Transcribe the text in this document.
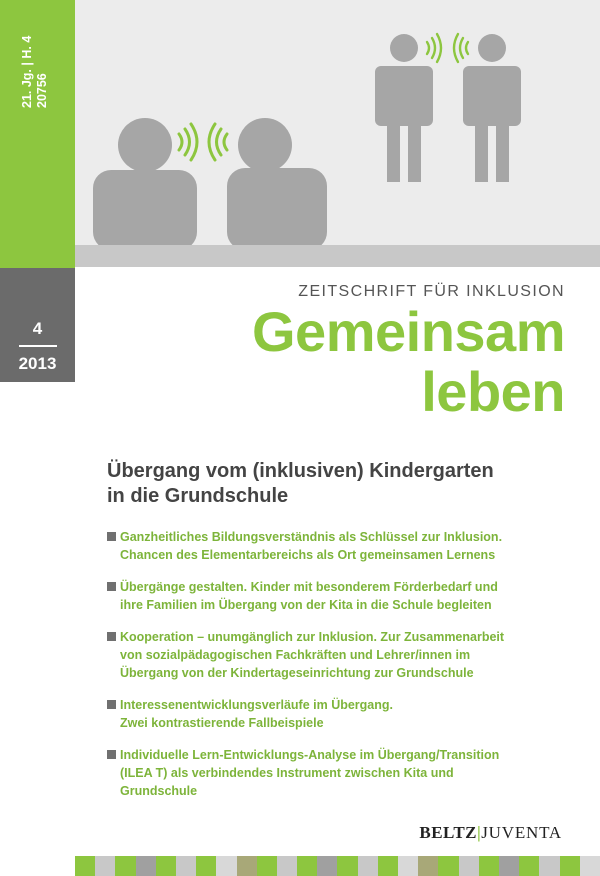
21. Jg. | H. 4 20756
4
2013
ZEITSCHRIFT FÜR INKLUSION
Gemeinsam
leben
Übergang vom (inklusiven) Kindergarten
in die Grundschule
Ganzheitliches Bildungsverständnis als Schlüssel zur Inklusion.
Chancen des Elementarbereichs als Ort gemeinsamen Lernens
Übergänge gestalten. Kinder mit besonderem Förderbedarf und
ihre Familien im Übergang von der Kita in die Schule begleiten
Kooperation – unumgänglich zur Inklusion. Zur Zusammenarbeit
von sozialpädagogischen Fachkräften und Lehrer/innen im
Übergang von der Kindertageseinrichtung zur Grundschule
Interessenentwicklungsverläufe im Übergang.
Zwei kontrastierende Fallbeispiele
Individuelle Lern-Entwicklungs-Analyse im Übergang/Transition
(ILEA T) als verbindendes Instrument zwischen Kita und
Grundschule
BELTZ|JUVENTA
